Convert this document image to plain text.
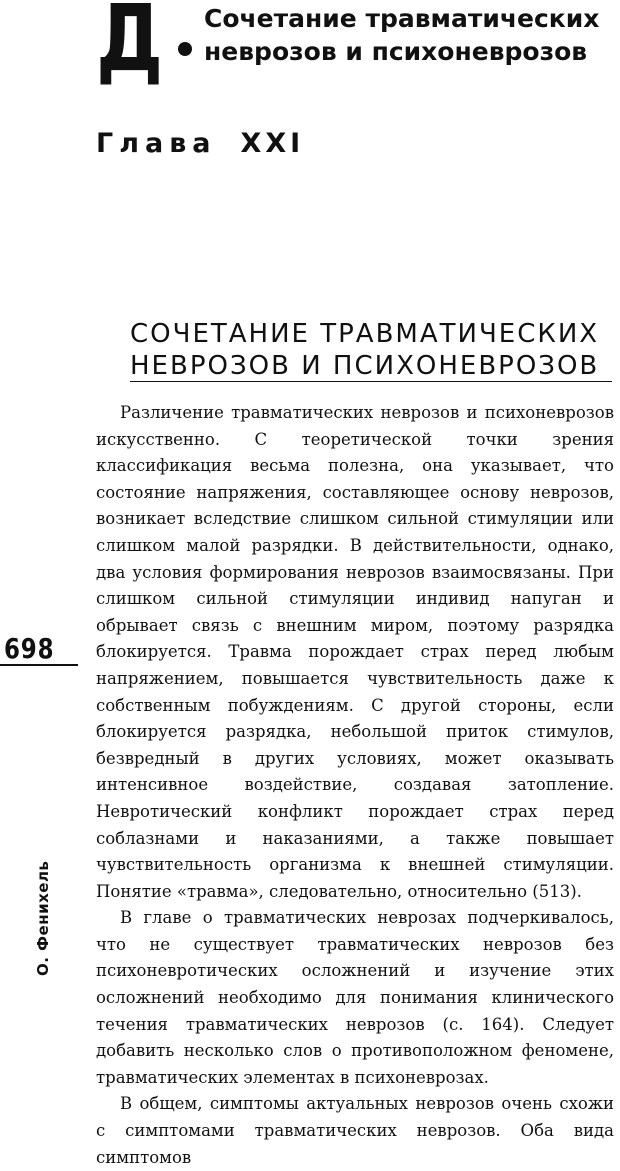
Д Сочетание травматических
неврозов и психоневрозов
Глава XXI
СОЧЕТАНИЕ ТРАВМАТИЧЕСКИХ
НЕВРОЗОВ И ПСИХОНЕВРОЗОВ

Различение травматических неврозов и психоневрозов искусственно. С теоретической точки зрения классификация весьма полезна, она указывает, что состояние напряжения, составляющее основу неврозов, возникает вследствие слишком сильной стимуляции или слишком малой разрядки. В действительности, однако, два условия формирования неврозов взаимосвязаны. При слишком сильной стимуляции индивид напуган и обрывает связь с внешним миром, поэтому разрядка блокируется. Травма порождает страх перед любым напряжением, повышается чувствительность даже к собственным побуждениям. С другой стороны, если блокируется разрядка, небольшой приток стимулов, безвредный в других условиях, может оказывать интенсивное воздействие, создавая затопление. Невротический конфликт порождает страх перед соблазнами и наказаниями, а также повышает чувствительность организма к внешней стимуляции. Понятие «травма», следовательно, относительно (513).

В главе о травматических неврозах подчеркивалось, что не существует травматических неврозов без психоневротических осложнений и изучение этих осложнений необходимо для понимания клинического течения травматических неврозов (с. 164). Следует добавить несколько слов о противоположном феномене, травматических элементах в психоневрозах.

В общем, симптомы актуальных неврозов очень схожи с симптомами травматических неврозов. Оба вида симптомов

698
О. Фенихель
